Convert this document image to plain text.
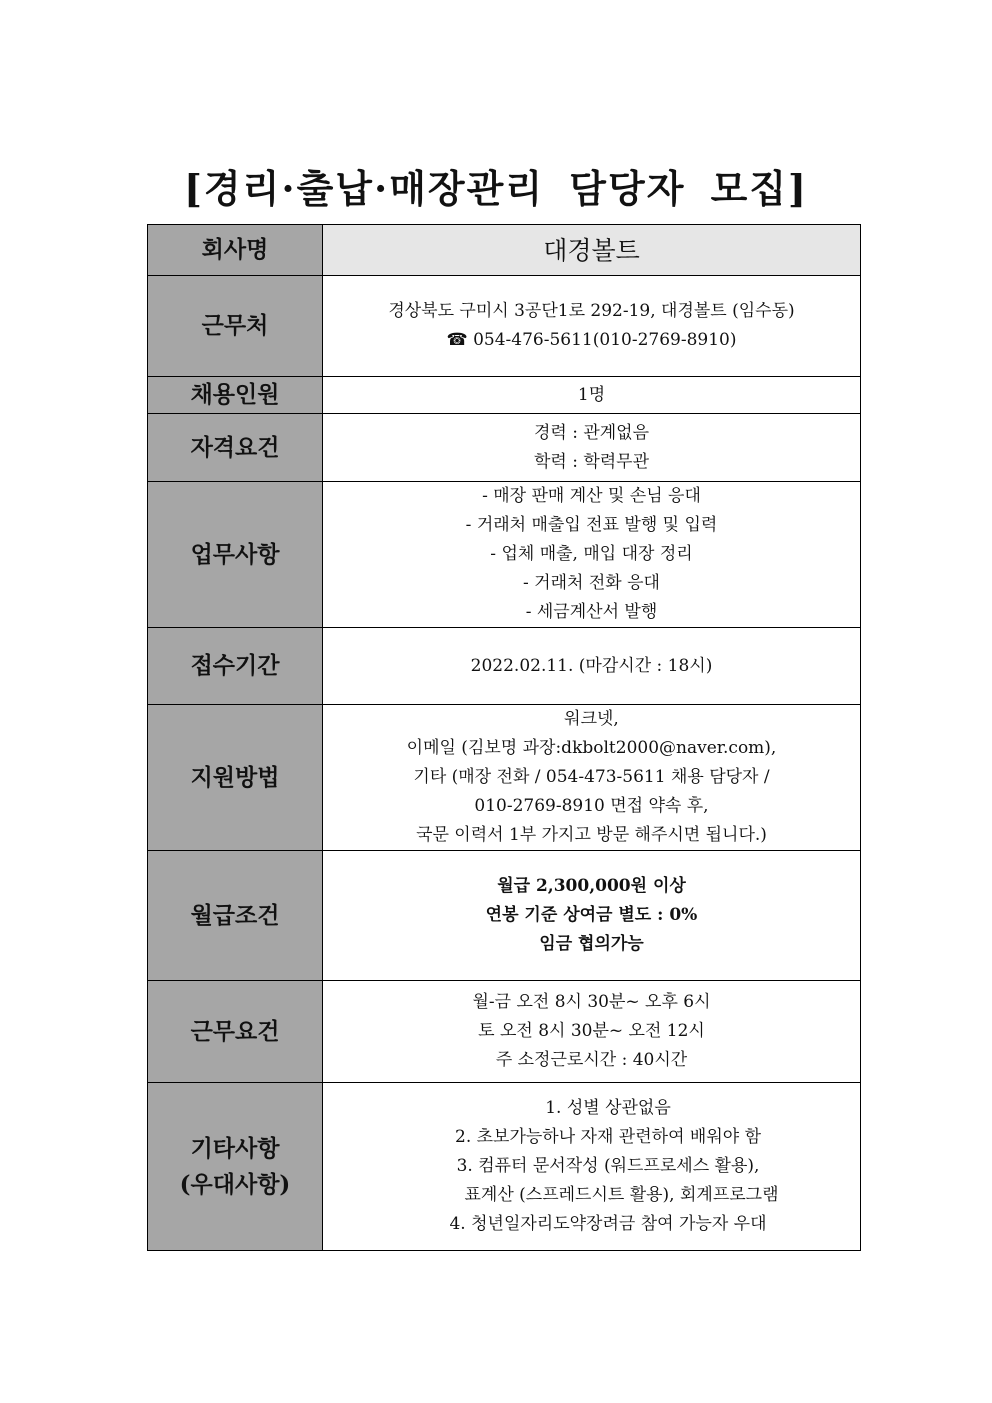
[경리·출납·매장관리 담당자 모집]
회사명	대경볼트
근무처	경상북도 구미시 3공단1로 292-19, 대경볼트 (임수동)
☎ 054-476-5611(010-2769-8910)

채용인원	1명
자격요건	경력 : 관계없음
학력 : 학력무관

업무사항	- 매장 판매 계산 및 손님 응대
- 거래처 매출입 전표 발행 및 입력
- 업체 매출, 매입 대장 정리
- 거래처 전화 응대
- 세금계산서 발행

접수기간	2022.02.11. (마감시간 : 18시)
지원방법	워크넷,
이메일 (김보명 과장:dkbolt2000@naver.com),
기타 (매장 전화 / 054-473-5611 채용 담당자 /
010-2769-8910 면접 약속 후,
국문 이력서 1부 가지고 방문 해주시면 됩니다.)

월급조건	월급 2,300,000원 이상
연봉 기준 상여금 별도 : 0%
임금 협의가능

근무요건	월-금 오전 8시 30분~ 오후 6시
토 오전 8시 30분~ 오전 12시
주 소정근로시간 : 40시간

기타사항
(우대사항)	1. 성별 상관없음
2. 초보가능하나 자재 관련하여 배워야 함
3. 컴퓨터 문서작성 (워드프로세스 활용),
표계산 (스프레드시트 활용), 회계프로그램
4. 청년일자리도약장려금 참여 가능자 우대
